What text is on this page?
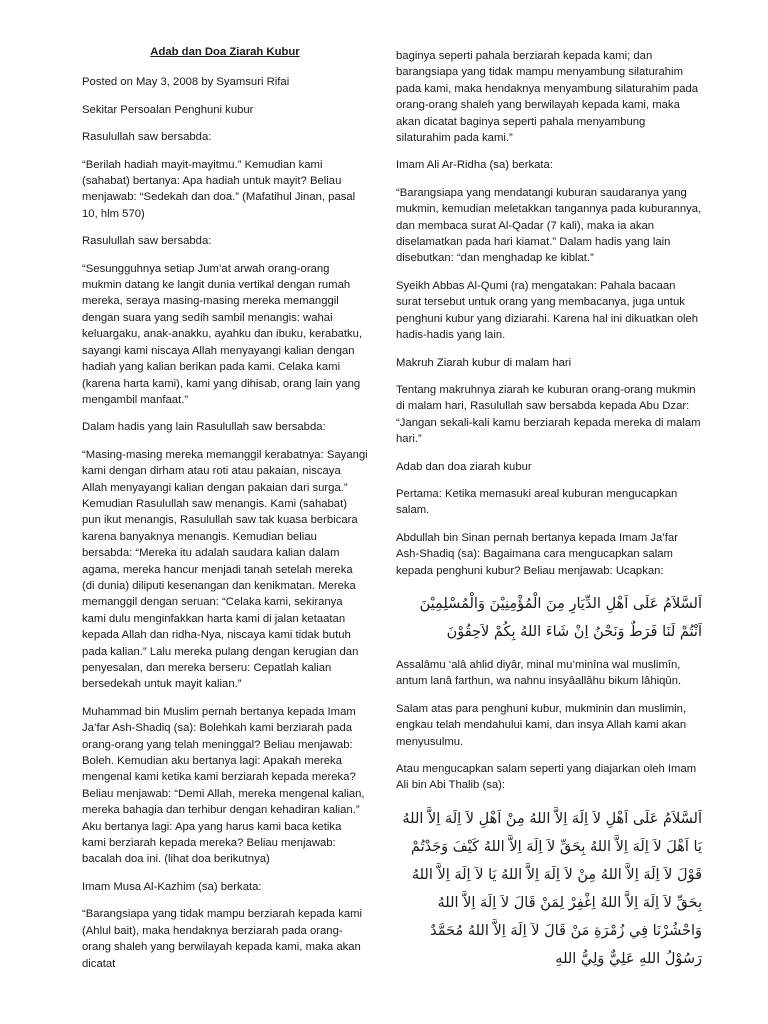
Adab dan Doa Ziarah Kubur

Posted on May 3, 2008 by Syamsuri Rifai

Sekitar Persoalan Penghuni kubur

Rasulullah saw bersabda:

“Berilah hadiah mayit-mayitmu.” Kemudian kami (sahabat) bertanya: Apa hadiah untuk mayit? Beliau menjawab: “Sedekah dan doa.” (Mafatihul Jinan, pasal 10, hlm 570)

Rasulullah saw bersabda:

“Sesungguhnya setiap Jum’at arwah orang-orang mukmin datang ke langit dunia vertikal dengan rumah mereka, seraya masing-masing mereka memanggil dengan suara yang sedih sambil menangis: wahai keluargaku, anak-anakku, ayahku dan ibuku, kerabatku, sayangi kami niscaya Allah menyayangi kalian dengan hadiah yang kalian berikan pada kami. Celaka kami (karena harta kami), kami yang dihisab, orang lain yang mengambil manfaat.”

Dalam hadis yang lain Rasulullah saw bersabda:

“Masing-masing mereka memanggil kerabatnya: Sayangi kami dengan dirham atau roti atau pakaian, niscaya Allah menyayangi kalian dengan pakaian dari surga.” Kemudian Rasulullah saw menangis. Kami (sahabat) pun ikut menangis, Rasulullah saw tak kuasa berbicara karena banyaknya menangis. Kemudian beliau bersabda: “Mereka itu adalah saudara kalian dalam agama, mereka hancur menjadi tanah setelah mereka (di dunia) diliputi kesenangan dan kenikmatan. Mereka memanggil dengan seruan: “Celaka kami, sekiranya kami dulu menginfakkan harta kami di jalan ketaatan kepada Allah dan ridha-Nya, niscaya kami tidak butuh pada kalian.” Lalu mereka pulang dengan kerugian dan penyesalan, dan mereka berseru: Cepatlah kalian bersedekah untuk mayit kalian.”

Muhammad bin Muslim pernah bertanya kepada Imam Ja’far Ash-Shadiq (sa): Bolehkah kami berziarah pada orang-orang yang telah meninggal? Beliau menjawab: Boleh. Kemudian aku bertanya lagi: Apakah mereka mengenal kami ketika kami berziarah kepada mereka? Beliau menjawab: “Demi Allah, mereka mengenal kalian, mereka bahagia dan terhibur dengan kehadiran kalian.” Aku bertanya lagi: Apa yang harus kami baca ketika kami berziarah kepada mereka? Beliau menjawab: bacalah doa ini. (lihat doa berikutnya)

Imam Musa Al-Kazhim (sa) berkata:

“Barangsiapa yang tidak mampu berziarah kepada kami (Ahlul bait), maka hendaknya berziarah pada orang-orang shaleh yang berwilayah kepada kami, maka akan dicatat

baginya seperti pahala berziarah kepada kami; dan barangsiapa yang tidak mampu menyambung silaturahim pada kami, maka hendaknya menyambung silaturahim pada orang-orang shaleh yang berwilayah kepada kami, maka akan dicatat baginya seperti pahala menyambung silaturahim pada kami.”

Imam Ali Ar-Ridha (sa) berkata:

“Barangsiapa yang mendatangi kuburan saudaranya yang mukmin, kemudian meletakkan tangannya pada kuburannya, dan membaca surat Al-Qadar (7 kali), maka ia akan diselamatkan pada hari kiamat.” Dalam hadis yang lain disebutkan: “dan menghadap ke kiblat.”

Syeikh Abbas Al-Qumi (ra) mengatakan: Pahala bacaan surat tersebut untuk orang yang membacanya, juga untuk penghuni kubur yang diziarahi. Karena hal ini dikuatkan oleh hadis-hadis yang lain.

Makruh Ziarah kubur di malam hari

Tentang makruhnya ziarah ke kuburan orang-orang mukmin di malam hari, Rasulullah saw bersabda kepada Abu Dzar: “Jangan sekali-kali kamu berziarah kepada mereka di malam hari.”

Adab dan doa ziarah kubur

Pertama: Ketika memasuki areal kuburan mengucapkan salam.

Abdullah bin Sinan pernah bertanya kepada Imam Ja’far Ash-Shadiq (sa): Bagaimana cara mengucapkan salam kepada penghuni kubur? Beliau menjawab: Ucapkan:

اَلسَّلاَمُ عَلَى اَهْلِ الدِّيَارِ مِنَ الْمُؤْمِنِيْنَ وَالْمُسْلِمِيْنَ اَنْتُمْ لَنَا فَرَطٌ وَنَحْنُ اِنْ شَاءَ اللهُ بِكُمْ لاَحِقُوْنَ

Assalâmu ‘alâ ahlid diyâr, minal mu’minîna wal muslimîn, antum lanâ farthun, wa nahnu insyâallâhu bikum lâhiqûn.

Salam atas para penghuni kubur, mukminin dan muslimin, engkau telah mendahului kami, dan insya Allah kami akan menyusulmu.

Atau mengucapkan salam seperti yang diajarkan oleh Imam Ali bin Abi Thalib (sa):

اَلسَّلاَمُ عَلَى اَهْلِ لاَ اِلَهَ اِلاَّ اللهُ مِنْ اَهْلِ لاَ اِلَهَ اِلاَّ اللهُ يَا اَهْلَ لاَ اِلَهَ اِلاَّ اللهُ بِحَقِّ لاَ اِلَهَ اِلاَّ اللهُ كَيْفَ وَجَدْتُمْ قَوْلَ لاَ اِلَهَ اِلاَّ اللهُ مِنْ لاَ اِلَهَ اِلاَّ اللهُ يَا لاَ اِلَهَ اِلاَّ اللهُ بِحَقِّ لاَ اِلَهَ اِلاَّ اللهُ اِغْفِرْ لِمَنْ قَالَ لاَ اِلَهَ اِلاَّ اللهُ وَاحْشُرْنَا فِي زُمْرَةِ مَنْ قَالَ لاَ اِلَهَ اِلاَّ اللهُ مُحَمَّدٌ رَسُوْلُ اللهِ عَلِيٌّ وَلِيُّ اللهِ
